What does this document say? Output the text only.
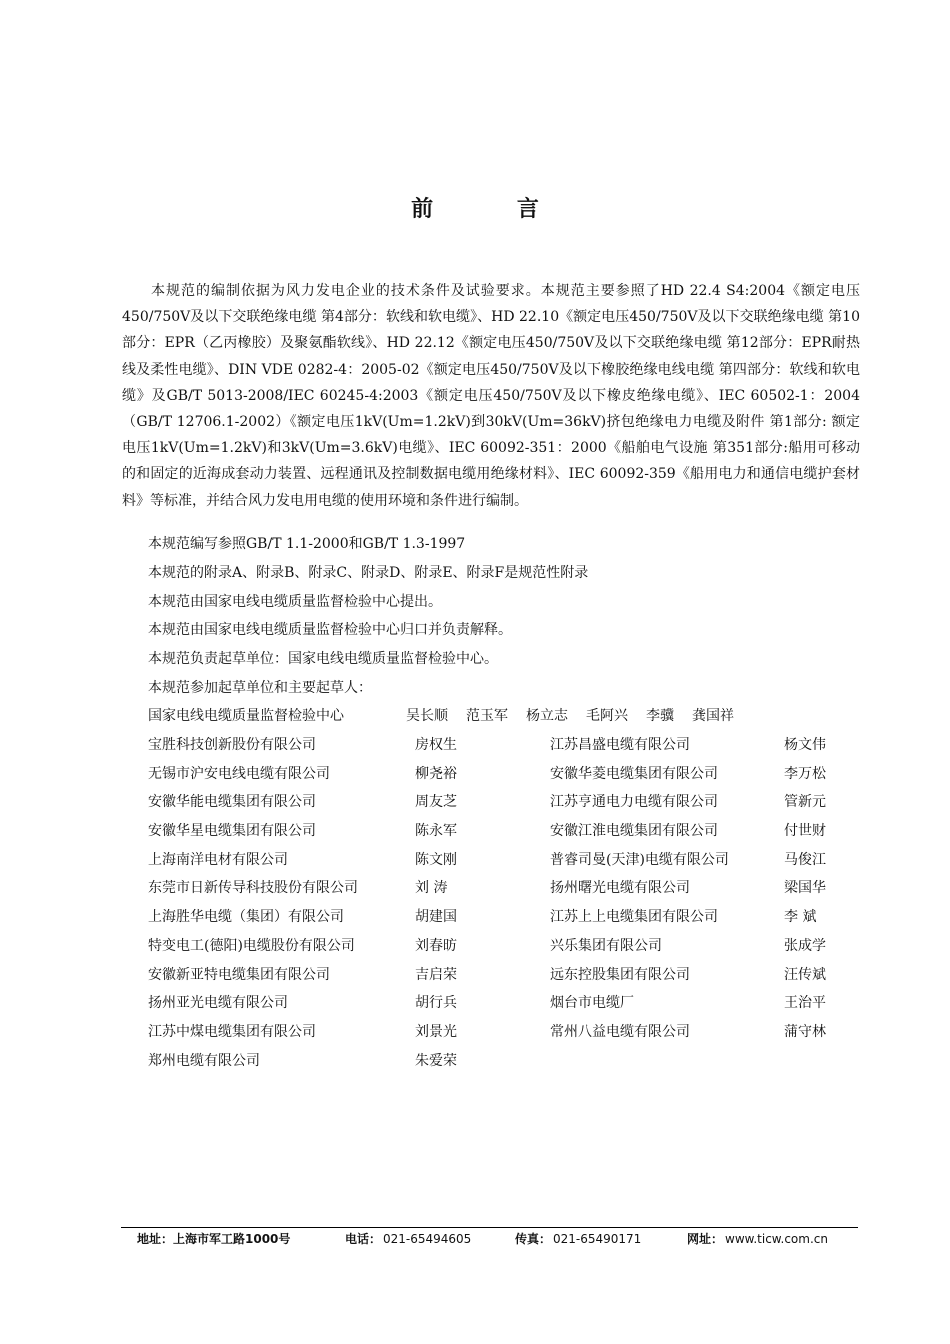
前 言

本规范的编制依据为风力发电企业的技术条件及试验要求。本规范主要参照了HD 22.4 S4:2004《额定电压450/750V及以下交联绝缘电缆 第4部分：软线和软电缆》、HD 22.10《额定电压450/750V及以下交联绝缘电缆 第10部分：EPR（乙丙橡胶）及聚氨酯软线》、HD 22.12《额定电压450/750V及以下交联绝缘电缆 第12部分：EPR耐热线及柔性电缆》、DIN VDE 0282-4：2005-02《额定电压450/750V及以下橡胶绝缘电线电缆 第四部分：软线和软电缆》及GB/T 5013-2008/IEC 60245-4:2003《额定电压450/750V及以下橡皮绝缘电缆》、IEC 60502-1：2004（GB/T 12706.1-2002）《额定电压1kV(Um=1.2kV)到30kV(Um=36kV)挤包绝缘电力电缆及附件 第1部分: 额定电压1kV(Um=1.2kV)和3kV(Um=3.6kV)电缆》、IEC 60092-351：2000《船舶电气设施 第351部分:船用可移动的和固定的近海成套动力装置、远程通讯及控制数据电缆用绝缘材料》、IEC 60092-359《船用电力和通信电缆护套材料》等标准，并结合风力发电用电缆的使用环境和条件进行编制。

本规范编写参照GB/T 1.1-2000和GB/T 1.3-1997
本规范的附录A、附录B、附录C、附录D、附录E、附录F是规范性附录
本规范由国家电线电缆质量监督检验中心提出。
本规范由国家电线电缆质量监督检验中心归口并负责解释。
本规范负责起草单位：国家电线电缆质量监督检验中心。
本规范参加起草单位和主要起草人：
国家电线电缆质量监督检验中心	吴长顺 范玉军 杨立志 毛阿兴 李骥 龚国祥
宝胜科技创新股份有限公司	房权生	江苏昌盛电缆有限公司	杨文伟
无锡市沪安电线电缆有限公司	柳尧裕	安徽华菱电缆集团有限公司	李万松
安徽华能电缆集团有限公司	周友芝	江苏亨通电力电缆有限公司	管新元
安徽华星电缆集团有限公司	陈永军	安徽江淮电缆集团有限公司	付世财
上海南洋电材有限公司	陈文刚	普睿司曼(天津)电缆有限公司	马俊江
东莞市日新传导科技股份有限公司	刘 涛	扬州曙光电缆有限公司	梁国华
上海胜华电缆（集团）有限公司	胡建国	江苏上上电缆集团有限公司	李 斌
特变电工(德阳)电缆股份有限公司	刘春昉	兴乐集团有限公司	张成学
安徽新亚特电缆集团有限公司	吉启荣	远东控股集团有限公司	汪传斌
扬州亚光电缆有限公司	胡行兵	烟台市电缆厂	王治平
江苏中煤电缆集团有限公司	刘景光	常州八益电缆有限公司	蒲守林
郑州电缆有限公司	朱爱荣
地址：上海市军工路1000号	电话： 021-65494605	传真： 021-65490171	网址： www.ticw.com.cn
